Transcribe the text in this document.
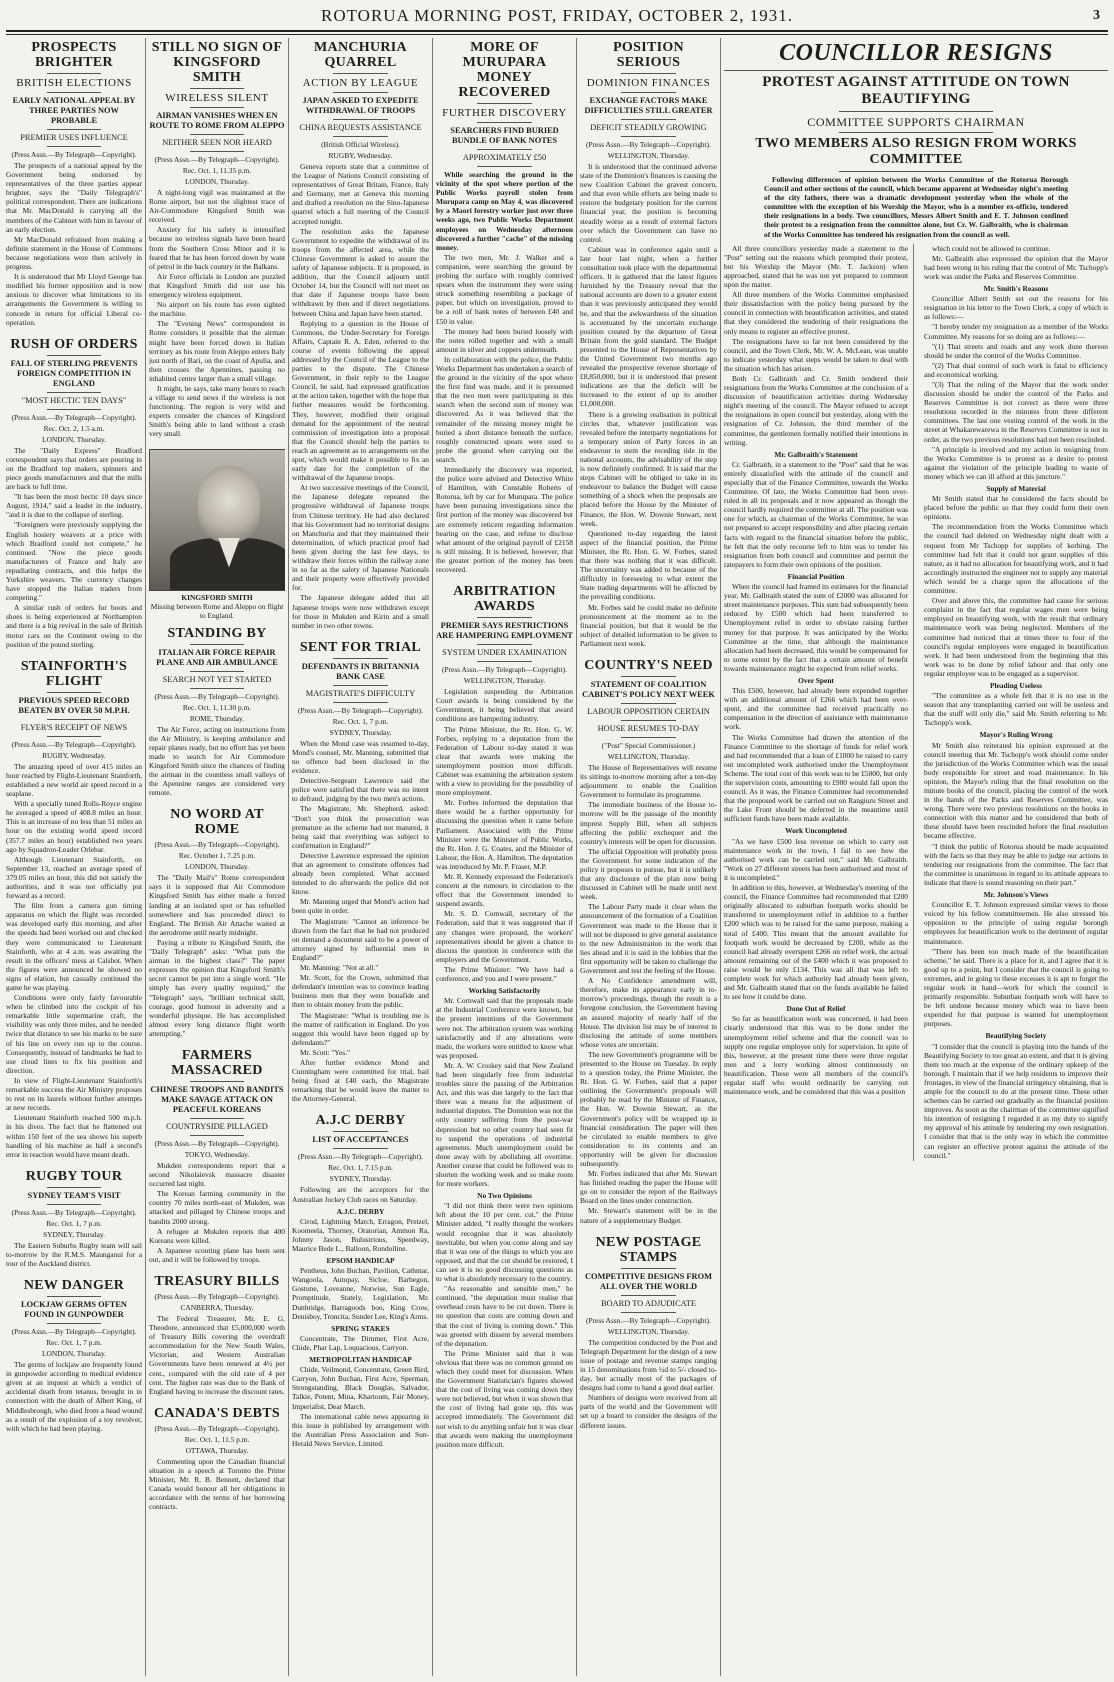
ROTORUA MORNING POST, FRIDAY, OCTOBER 2, 1931.	3
PROSPECTS BRIGHTER
BRITISH ELECTIONS
EARLY NATIONAL APPEAL BY THREE PARTIES NOW PROBABLE
PREMIER USES INFLUENCE
(Press Assn.—By Telegraph—Copyright).

The prospects of a national appeal by the Government being endorsed by representatives of the three parties appear brighter, says the "Daily Telegraph's" political correspondent. There are indications that Mr. MacDonald is carrying all the members of the Cabinet with him in favour of an early election.

Mr MacDonald refrained from making a definite statement in the House of Commons because negotiations were then actively in progress.

It is understood that Mr Lloyd George has modified his former opposition and is now anxious to discover what limitations to its arrangements the Government is willing to concede in return for official Liberal co-operation.

RUSH OF ORDERS
FALL OF STERLING PREVENTS FOREIGN COMPETITION IN ENGLAND
"MOST HECTIC TEN DAYS"
(Press Assn.—By Telegraph—Copyright).
Rec. Oct. 2, 1.5 a.m.
LONDON, Thursday.

The "Daily Express" Bradford correspondent says that orders are pouring in on the Bradford top makers, spinners and piece goods manufacturers and that the mills are back to full time.

"It has been the most hectic 10 days since August, 1914," said a leader in the industry, "and it is due to the collapse of sterling.

"Foreigners were previously supplying the English hosiery weavers at a price with which Bradford could not compete," he continued. "Now the piece goods manufacturers of France and Italy are repudiating contracts, and this helps the Yorkshire weavers. The currency changes have stopped the Italian traders from competing."

A similar rush of orders for boots and shoes is being experienced at Northampton and there is a big revival in the sale of British motor cars on the Continent owing to the position of the pound sterling.

STAINFORTH'S FLIGHT
PREVIOUS SPEED RECORD BEATEN BY OVER 50 M.P.H.
FLYER'S RECEIPT OF NEWS
(Press Assn.—By Telegraph—Copyright).
RUGBY, Wednesday.

The amazing speed of over 415 miles an hour reached by Flight-Lieutenant Stainforth, established a new world air speed record in a seaplane.

With a specially tuned Rolls-Royce engine he averaged a speed of 408.8 miles an hour. This is an increase of no less than 51 miles an hour on the existing world speed record (357.7 miles an hour) established two years ago by Squadron-Leader Orlebar.

Although Lieutenant Stainforth, on September 13, reached an average speed of 379.05 miles an hour, this did not satisfy the authorities, and it was not officially put forward as a record.

The film from a camera gun timing apparatus on which the flight was recorded was developed early this morning, and after the speeds had been worked out and checked they were communicated to Lieutenant Stainforth, who at 4 a.m. was awaiting the result in the officers' mess at Calshot. When the figures were announced he showed no signs of elation, but casually continued the game he was playing.

Conditions were only fairly favourable when he climbed into the cockpit of his remarkable little supermarine craft, the visibility was only three miles, and he needed twice that distance to see his marks to be sure of his line on every run up to the course. Consequently, instead of landmarks he had to use cloud lines to fix his position and direction.

In view of Flight-Lieutenant Stainforth's remarkable success the Air Ministry proposes to rest on its laurels without further attempts at new records.

Lieutenant Stainforth reached 500 m.p.h. in his dives. The fact that he flattened out within 150 feet of the sea shows his superb handling of his machine as half a second's error in reaction would have meant death.

RUGBY TOUR
SYDNEY TEAM'S VISIT
(Press Assn.—By Telegraph—Copyright).
Rec. Oct. 1, 7 p.m.
SYDNEY, Thursday.

The Eastern Suburbs Rugby team will sail to-morrow by the R.M.S. Maunganui for a tour of the Auckland district.

NEW DANGER
LOCKJAW GERMS OFTEN FOUND IN GUNPOWDER
(Press Assn.—By Telegraph—Copyright).
Rec. Oct. 1, 7 p.m.
LONDON, Thursday.

The germs of lockjaw are frequently found in gunpowder according to medical evidence given at an inquest at which a verdict of accidental death from tetanus, brought in in connection with the death of Albert King, of Middlesbrough, who died from a head wound as a result of the explosion of a toy revolver, with which he had been playing.

STILL NO SIGN OF KINGSFORD SMITH
WIRELESS SILENT
AIRMAN VANISHES WHEN EN ROUTE TO ROME FROM ALEPPO
NEITHER SEEN NOR HEARD
(Press Assn.—By Telegraph—Copyright).
Rec. Oct. 1, 11.35 p.m.
LONDON, Thursday.

A night-long vigil was maintained at the Rome airport, but not the slightest trace of Air-Commodore Kingsford Smith was received.

Anxiety for his safety is intensified because no wireless signals have been heard from the Southern Cross Minor and it is feared that he has been forced down by want of petrol in the back country in the Balkans.

Air Force officials in London are puzzled that Kingsford Smith did not use his emergency wireless equipment.

No airport on his route has even sighted the machine.

The "Evening News" correspondent in Rome considers it possible that the airman might have been forced down in Italian territory as his route from Aleppo enters Italy just north of Bari, on the coast of Apulia, and then crosses the Apennines, passing no inhabited centre larger than a small village.

It might, he says, take many hours to reach a village to send news if the wireless is not functioning. The region is very wild and experts consider the chances of Kingsford Smith's being able to land without a crash very small.

KINGSFORD SMITH
Missing between Rome and Aleppo on flight to England.
STANDING BY
ITALIAN AIR FORCE REPAIR PLANE AND AIR AMBULANCE
SEARCH NOT YET STARTED
(Press Assn.—By Telegraph—Copyright).
Rec. Oct. 1, 11.30 p.m.
ROME, Thursday.

The Air Force, acting on instructions from the Air Ministry, is keeping ambulance and repair planes ready, but no effort has yet been made to search for Air Commodore Kingsford Smith since the chances of finding the airman in the countless small valleys of the Apennine ranges are considered very remote.

NO WORD AT ROME
(Press Assn.—By Telegraph—Copyright).
Rec. October 1, 7.25 p.m.
LONDON, Thursday.

The "Daily Mail's" Rome correspondent says it is supposed that Air Commodore Kingsford Smith has either made a forced landing at an isolated spot or has refuelled somewhere and has proceeded direct to England. The British Air Attache waited at the aerodrome until nearly midnight.

Paying a tribute to Kingsford Smith, the "Daily Telegraph" asks: "What puts the airman in the highest class?" The paper expresses the opinion that Kingsford Smith's secret cannot be put into a single word. "He simply has every quality required," the "Telegraph" says, "brilliant technical skill, courage, good humour in adversity and a wonderful physique. He has accomplished almost every long distance flight worth attempting."

FARMERS MASSACRED
CHINESE TROOPS AND BANDITS MAKE SAVAGE ATTACK ON PEACEFUL KOREANS
COUNTRYSIDE PILLAGED
(Press Assn.—By Telegraph—Copyright).
TOKYO, Wednesday.

Mukden correspondents report that a second Nikolaievsk massacre disaster occurred last night.

The Korean farming community in the country 70 miles north-east of Mukden, was attacked and pillaged by Chinese troops and bandits 2000 strong.

A refugee at Mukden reports that 400 Koreans were killed.

A Japanese scouting plane has been sent out, and it will be followed by troops.

TREASURY BILLS
(Press Assn.—By Telegraph—Copyright).
CANBERRA, Thursday.

The Federal Treasurer, Mr. E. G. Theodore, announced that £5,000,000 worth of Treasury Bills covering the overdraft accommodation for the New South Wales, Victorian, and Western Australian Governments have been renewed at 4½ per cent., compared with the old rate of 4 per cent. The higher rate was due to the Bank of England having to increase the discount rates.

CANADA'S DEBTS
(Press Assn.—By Telegraph—Copyright).
Rec. Oct. 1, 11.5 p.m.
OTTAWA, Thursday.

Commenting upon the Canadian financial situation in a speech at Toronto the Prime Minister, Mr. R. B. Bennett, declared that Canada would honour all her obligations in accordance with the terms of her borrowing contracts.

MANCHURIA QUARREL
ACTION BY LEAGUE
JAPAN ASKED TO EXPEDITE WITHDRAWAL OF TROOPS
CHINA REQUESTS ASSISTANCE
(British Official Wireless).
RUGBY, Wednesday.

Geneva reports state that a committee of the League of Nations Council consisting of representatives of Great Britain, France, Italy and Germany, met at Geneva this morning and drafted a resolution on the Sino-Japanese quarrel which a full meeting of the Council accepted tonight.

The resolution asks the Japanese Government to expedite the withdrawal of its troops from the affected area, while the Chinese Government is asked to assure the safety of Japanese subjects. It is proposed, in addition, that the Council adjourn until October 14, but the Council will not meet on that date if Japanese troops have been withdrawn by then and if direct negotiations between China and Japan have been started.

Replying to a question in the House of Commons, the Under-Secretary for Foreign Affairs, Captain R. A. Eden, referred to the course of events following the appeal addressed by the Council of the League to the parties to the dispute. The Chinese Government, in their reply to the League Council, he said, had expressed gratification at the action taken, together with the hope that further measures would be forthcoming. They, however, modified their original demand for the appointment of the neutral commission of investigation into a proposal that the Council should help the parties to reach an agreement as to arrangements on the spot, which would make it possible to fix an early date for the completion of the withdrawal of the Japanese troops.

At two successive meetings of the Council, the Japanese delegate repeated the progressive withdrawal of Japanese troops from Chinese territory. He had also declared that his Government had no territorial designs on Manchuria and that they maintained their determination, of which practical proof had been given during the last few days, to withdraw their forces within the railway zone in so far as the safety of Japanese Nationals and their property were effectively provided for.

The Japanese delegate added that all Japanese troops were now withdrawn except for those in Mukden and Kirin and a small number in two other towns.

SENT FOR TRIAL
DEFENDANTS IN BRITANNIA BANK CASE
MAGISTRATE'S DIFFICULTY
(Press Assn.—By Telegraph—Copyright).
Rec. Oct. 1, 7 p.m.
SYDNEY, Thursday.

When the Mond case was resumed to-day, Mond's counsel, Mr. Manning, submitted that no offence had been disclosed in the evidence.

Detective-Sergeant Lawrence said the police were satisfied that there was no intent to defraud, judging by the two men's actions.

The Magistrate, Mr. Shepherd, asked: "Don't you think the prosecution was premature as the scheme had not matured, it being said that everything was subject to confirmation in England?"

Detective Lawrence expressed the opinion that an agreement to constitute offences had already been completed. What accused intended to do afterwards the police did not know.

Mr. Manning urged that Mond's action had been quite in order.

The Magistrate: "Cannot an inference be drawn from the fact that he had not produced on demand a document said to be a power of attorney signed by influential men in England?"

Mr. Manning: "Not at all."

Mr. Scott, for the Crown, submitted that defendant's intention was to convince leading business men that they were bonafide and then to obtain money from the public.

The Magistrate: "What is troubling me is the matter of ratification in England. Do you suggest this would have been rigged up by defendants?"

Mr. Scott: "Yes."

After further evidence Mond and Cunningham were committed for trial, bail being fixed at £40 each, the Magistrate remarking that he would leave the matter to the Attorney-General.

A.J.C DERBY
LIST OF ACCEPTANCES
(Press Assn.—By Telegraph—Copyright).
Rec. Oct. 1, 7.15 p.m.
SYDNEY, Thursday.

Following are the acceptors for the Australian Jockey Club races on Saturday.

A.J.C. DERBY

Cirod, Lightning March, Erragon, Pretzel, Koomeela, Thorney, Oratorian, Ammon Ra, Johnny Jason, Bulustrious, Speedway, Maurice Bede L., Balloon, Rondolline.

EPSOM HANDICAP

Pentheus, John Buchan, Pavilion, Cathmar, Wangoola, Autopay, Sicloe, Barbegon, Gostune, Loveanne, Notwise, Sun Eagle, Promptitude, Stately, Legislation, Mr. Dunbridge, Barragoods boo, King Crow, Denisboy, Troncita, Sunder Lee, King's Arms.

SPRING STAKES

Concentrate, The Dimmer, First Acre, Chide, Phar Lap, Loquacious, Carryon.

METROPOLITAN HANDICAP

Chide, Veilmond, Concentrate, Green Bird, Carryon, John Buchan, First Acre, Sperman, Strongstanding, Black Douglas, Salvador, Talkie, Potent, Mina, Khartoum, Fair Money, Imperialist, Dear March.

The international cable news appearing in this issue is published by arrangement with the Australian Press Association and Sun-Herald News Service, Limited.

MORE OF MURUPARA MONEY RECOVERED
FURTHER DISCOVERY
SEARCHERS FIND BURIED BUNDLE OF BANK NOTES
APPROXIMATELY £50

While searching the ground in the vicinity of the spot where portion of the Public Works payroll stolen from Murupara camp on May 4, was discovered by a Maori forestry worker just over three weeks ago, two Public Works Department employees on Wednesday afternoon discovered a further "cache" of the missing money.

The two men, Mr. J. Walker and a companion, were searching the ground by probing the surface with roughly contrived spears when the instrument they were using struck something resembling a package of paper, but which on investigation, proved to be a roll of bank notes of between £40 and £50 in value.

The money had been buried loosely with the notes rolled together and with a small amount in silver and coppers underneath.

In collaboration with the police, the Public Works Department has undertaken a search of the ground in the vicinity of the spot where the first find was made, and it is presumed that the two men were participating in this search when the second sum of money was discovered. As it was believed that the remainder of the missing money might be buried a short distance beneath the surface, roughly constructed spears were used to probe the ground when carrying out the search.

Immediately the discovery was reported, the police were advised and Detective White of Hamilton, with Constable Roberts of Rotorua, left by car for Murupara. The police have been pursuing investigations since the first portion of the money was discovered but are extremely reticent regarding information bearing on the case, and refuse to disclose what amount of the original payroll of £2158 is still missing. It is believed, however, that the greater portion of the money has been recovered.

ARBITRATION AWARDS
PREMIER SAYS RESTRICTIONS ARE HAMPERING EMPLOYMENT
SYSTEM UNDER EXAMINATION
(Press Assn.—By Telegraph—Copyright).
WELLINGTON, Thursday.

Legislation suspending the Arbitration Court awards is being considered by the Government, it being believed that award conditions are hampering industry.

The Prime Minister, the Rt. Hon. G. W. Forbes, replying to a deputation from the Federation of Labour to-day stated it was clear that awards were making the unemployment position more difficult. Cabinet was examining the arbitration system with a view to providing for the possibility of more employment.

Mr. Forbes informed the deputation that there would be a further opportunity for discussing the question when it came before Parliament. Associated with the Prime Minister were the Minister of Public Works, the Rt. Hon. J. G. Coates, and the Minister of Labour, the Hon. A. Hamilton. The deputation was introduced by Mr. P. Fraser, M.P.

Mr. R. Kennedy expressed the Federation's concern at the rumours in circulation to the effect that the Government intended to suspend awards.

Mr. S. D. Cornwall, secretary of the Federation, said that it was suggested that if any changes were proposed, the workers' representatives should be given a chance to discuss the question in conference with the employers and the Government.

The Prime Minister: "We have had a conference, and you and I were present."

Working Satisfactorily

Mr. Cornwall said that the proposals made at the Industrial Conference were known, but the present intentions of the Government were not. The arbitration system was working satisfactorily and if any alterations were made, the workers were entitled to know what was proposed.

Mr. A. W. Croskey said that New Zealand had been singularly free from industrial troubles since the passing of the Arbitration Act, and this was due largely to the fact that there was a means for the adjustment of industrial disputes. The Dominion was not the only country suffering from the post-war depression but no other country had seen fit to suspend the operations of industrial agreements. Much unemployment could be done away with by abolishing all overtime. Another course that could be followed was to shorten the working week and so make room for more workers.

No Two Opinions

"I did not think there were two opinions left about the 10 per cent. cut," the Prime Minister added, "I really thought the workers would recognise that it was absolutely inevitable, but when you come along and say that it was one of the things to which you are opposed, and that the cut should be restored, I can see it is no good discussing questions as to what is absolutely necessary to the country.

"As reasonable and sensible men," he continued, "the deputation must realise that overhead costs have to be cut down. There is no question that costs are coming down and that the cost of living is coming down." This was greeted with dissent by several members of the deputation.

The Prime Minister said that it was obvious that there was no common ground on which they could meet for discussion. When the Government Statistician's figures showed that the cost of living was coming down they were not believed, but when it was shown that the cost of living had gone up, this was accepted immediately. The Government did not wish to do anything unfair but it was clear that awards were making the unemployment position more difficult.

POSITION SERIOUS
DOMINION FINANCES
EXCHANGE FACTORS MAKE DIFFICULTIES STILL GREATER
DEFICIT STEADILY GROWING
(Press Assn.—By Telegraph—Copyright).
WELLINGTON, Thursday.

It is understood that the continued adverse state of the Dominion's finances is causing the new Coalition Cabinet the gravest concern, and that even while efforts are being made to restore the budgetary position for the current financial year, the position is becoming steadily worse as a result of external factors over which the Government can have no control.

Cabinet was in conference again until a late hour last night, when a further consultation took place with the departmental officers. It is gathered that the latest figures furnished by the Treasury reveal that the national accounts are down to a greater extent than it was previously anticipated they would be, and that the awkwardness of the situation is accentuated by the uncertain exchange position created by the departure of Great Britain from the gold standard. The Budget presented to the House of Representatives by the United Government two months ago revealed the prospective revenue shortage of £8,850,000, but it is understood that present indications are that the deficit will be increased to the extent of up to another £1,000,000.

There is a growing realisation in political circles that, whatever justification was revealed before the interparty negotiations for a temporary union of Party forces in an endeavour to stem the receding tide in the national accounts, the advisability of the step is now definitely confirmed. It is said that the steps Cabinet will be obliged to take in its endeavour to balance the Budget will cause something of a shock when the proposals are placed before the House by the Minister of Finance, the Hon. W. Downie Stewart, next week.

Questioned to-day regarding the latest aspect of the financial position, the Prime Minister, the Rt. Hon. G. W. Forbes, stated that there was nothing that it was difficult. The uncertainty was added to because of the difficulty in foreseeing to what extent the State trading departments will be affected by the prevailing conditions.

Mr. Forbes said he could make no definite pronouncement at the moment as to the financial position, but that it would be the subject of detailed information to be given to Parliament next week.

COUNTRY'S NEED
STATEMENT OF COALITION CABINET'S POLICY NEXT WEEK
LABOUR OPPOSITION CERTAIN
HOUSE RESUMES TO-DAY
("Post" Special Commissioner.)
WELLINGTON, Thursday.

The House of Representatives will resume its sittings to-morrow morning after a ten-day adjournment to enable the Coalition Government to formulate its programme.

The immediate business of the House to-morrow will be the passage of the monthly imprest Supply Bill, when all subjects affecting the public exchequer and the country's interests will be open for discussion.

The official Opposition will probably press the Government for some indication of the policy it proposes to pursue, but it is unlikely that any disclosure of the plan now being discussed in Cabinet will be made until next week.

The Labour Party made it clear when the announcement of the formation of a Coalition Government was made to the House that it will not be disposed to give general assistance to the new Administration in the work that lies ahead and it is said in the lobbies that the first opportunity will be taken to challenge the Government and test the feeling of the House.

A No Confidence amendment will, therefore, make its appearance early in to-morrow's proceedings, though the result is a foregone conclusion, the Government having an assured majority of nearly half of the House. The division list may be of interest in disclosing the attitude of some members whose votes are uncertain.

The new Government's programme will be presented to the House on Tuesday. In reply to a question today, the Prime Minister, the Rt. Hon. G. W. Forbes, said that a paper outlining the Government's proposals will probably be read by the Minister of Finance, the Hon. W. Downie Stewart, as the Government's policy will be wrapped up in financial consideration. The paper will then be circulated to enable members to give consideration to its contents and an opportunity will be given for discussion subsequently.

Mr. Forbes indicated that after Mr. Stewart has finished reading the paper the House will go on to consider the report of the Railways Board on the lines under construction.

Mr. Stewart's statement will be in the nature of a supplementary Budget.

NEW POSTAGE STAMPS
COMPETITIVE DESIGNS FROM ALL OVER THE WORLD
BOARD TO ADJUDICATE
(Press Assn.—By Telegraph—Copyright).
WELLINGTON, Thursday.

The competition conducted by the Post and Telegraph Department for the design of a new issue of postage and revenue stamps ranging in 15 denominations from ½d to 5/- closed to-day, but actually most of the packages of designs had come to hand a good deal earlier.

Numbers of designs were received from all parts of the world and the Government will set up a board to consider the designs of the different issues.

COUNCILLOR RESIGNS
PROTEST AGAINST ATTITUDE ON TOWN BEAUTIFYING
COMMITTEE SUPPORTS CHAIRMAN
TWO MEMBERS ALSO RESIGN FROM WORKS COMMITTEE

Following differences of opinion between the Works Committee of the Rotorua Borough Council and other sections of the council, which became apparent at Wednesday night's meeting of the city fathers, there was a dramatic development yesterday when the whole of the committee with the exception of his Worship the Mayor, who is a member ex-officio, tendered their resignations in a body. Two councillors, Messrs Albert Smith and E. T. Johnson confined their protest to a resignation from the committee alone, but Cr. W. Galbraith, who is chairman of the Works Committee has tendered his resignation from the council as well.

All three councillors yesterday made a statement to the "Post" setting out the reasons which prompted their protest, but his Worship the Mayor (Mr. T. Jackson) when approached, stated that he was not yet prepared to comment upon the matter.

All three members of the Works Committee emphasised their dissatisfaction with the policy being pursued by the council in connection with beautification activities, and stated that they considered the tendering of their resignations the only means to register an effective protest.

The resignations have so far not been considered by the council, and the Town Clerk, Mr. W. A. McLean, was unable to indicate yesterday what steps would be taken to deal with the situation which has arisen.

Both Cr. Galbraith and Cr. Smith tendered their resignations from the Works Committee at the conclusion of a discussion of beautification activities during Wednesday night's meeting of the council. The Mayor refused to accept the resignations in open council but yesterday, along with the resignation of Cr. Johnson, the third member of the committee, the gentlemen formally notified their intentions in writing.

Mr. Galbraith's Statement

Cr. Galbraith, in a statement to the "Post" said that he was entirely dissatisfied with the attitude of the council and especially that of the Finance Committee, towards the Works Committee. Of late, the Works Committee had been over-ruled in all its proposals and it now appeared as though the council hardly required the committee at all. The position was one for which, as chairman of the Works Committee, he was not prepared to accept responsibility and after placing certain facts with regard to the financial situation before the public, he felt that the only recourse left to him was to tender his resignation from both council and committee and permit the ratepayers to form their own opinions of the position.

Financial Position

When the council had framed its estimates for the financial year, Mr. Galbraith stated the sum of £2000 was allocated for street maintenance purposes. This sum had subsequently been reduced by £500 which had been transferred to Unemployment relief in order to obviate raising further money for that purpose. It was anticipated by the Works Committee at the time, that although the maintenance allocation had been decreased, this would be compensated for to some extent by the fact that a certain amount of benefit towards maintenance might be expected from relief works.

Over Spent

This £500, however, had already been expended together with an additional amount of £266 which had been over-spent, and the committee had received practically no compensation in the direction of assistance with maintenance work.

The Works Committee had drawn the attention of the Finance Committee to the shortage of funds for relief work and had recommended that a loan of £1000 be raised to carry out uncompleted work authorised under the Unemployment Scheme. The total cost of this work was to be £5000, but only the supervision costs, amounting to £900 would fall upon the council. As it was, the Finance Committee had recommended that the proposed work be carried out on Rangiuru Street and the Lake Front should be deferred in the meantime until sufficient funds have been made available.

Work Uncompleted

"As we have £500 less revenue on which to carry out maintenance work in the town, I fail to see how the authorised work can be carried out," said Mr. Galbraith. "Work on 27 different streets has been authorised and most of it is uncompleted."

In addition to this, however, at Wednesday's meeting of the council, the Finance Committee had recommended that £200 originally allocated to suburban footpath works should be transferred to unemployment relief in addition to a further £200 which was to be raised for the same purpose, making a total of £400. This meant that the amount available for footpath work would be decreased by £200, while as the council had already overspent £266 on relief work, the actual amount remaining out of the £400 which it was proposed to raise would be only £134. This was all that was left to complete work for which authority had already been given, and Mr. Galbraith stated that on the funds available he failed to see how it could be done.

Done Out of Relief

So far as beautification work was concerned, it had been clearly understood that this was to be done under the unemployment relief scheme and that the council was to supply one regular employee only for supervision. In spite of this, however, at the present time there were three regular men and a lorry working almost continuously on beautification. These were all members of the council's regular staff who would ordinarily be carrying out maintenance work, and he considered that this was a position

which could not be allowed to continue.

Mr. Galbraith also expressed the opinion that the Mayor had been wrong in his ruling that the control of Mr. Tschopp's work was under the Parks and Reserves Committee.

Mr. Smith's Reasons

Councillor Albert Smith set out the reasons for his resignation in his letter to the Town Clerk, a copy of which is as follows:—

"I hereby tender my resignation as a member of the Works Committee. My reasons for so doing are as follows:—

"(1) That streets and roads and any work done thereon should be under the control of the Works Committee.

"(2) That dual control of such work is fatal to efficiency and economical working.

"(3) That the ruling of the Mayor that the work under discussion should be under the control of the Parks and Reserves Committee is not correct as there were three resolutions recorded in the minutes from three different committees. The last one vesting control of the work in the street at Whakarewarewa in the Reserves Committee is not in order, as the two previous resolutions had not been rescinded.

"A principle is involved and my action in resigning from the Works Committee is to protest as a desire to protest against the violation of the principle leading to waste of money which we can ill afford at this juncture."

Supply of Material

Mr Smith stated that he considered the facts should be placed before the public so that they could form their own opinions.

The recommendation from the Works Committee which the council had deleted on Wednesday night dealt with a request from Mr Tschopp for supplies of kerbing. The committee had felt that it could not grant supplies of this nature, as it had no allocation for beautifying work, and it had accordingly instructed the engineer not to supply any material which would be a charge upon the allocations of the committee.

Over and above this, the committee had cause for serious complaint in the fact that regular wages men were being employed on beautifying work, with the result that ordinary maintenance work was being neglected. Members of the committee had noticed that at times three to four of the council's regular employees were engaged in beautification work. It had been understood from the beginning that this work was to be done by relief labour and that only one regular employee was to be engaged as a supervisor.

Pleading Useless

"The committee as a whole felt that it is no use in the season that any transplanting carried out will be useless and that the stuff will only die," said Mr. Smith referring to Mr. Tschopp's work.

Mayor's Ruling Wrong

Mr Smith also reiterated his opinion expressed at the council meeting that Mr. Tschopp's work should come under the jurisdiction of the Works Committee which was the usual body responsible for street and road maintenance. In his opinion, the Mayor's ruling that the final resolution on the minute books of the council, placing the control of the work in the hands of the Parks and Reserves Committee, was wrong. There were two previous resolutions on the books in connection with this matter and he considered that both of these should have been rescinded before the final resolution became effective.

"I think the public of Rotorua should be made acquainted with the facts so that they may be able to judge our actions in tendering our resignations from the committee. The fact that the committee is unanimous in regard to its attitude appears to indicate that there is sound reasoning on their part."

Mr. Johnson's Views

Councillor E. T. Johnson expressed similar views to those voiced by his fellow committeemen. He also stressed his opposition to the principle of using regular borough employees for beautification work to the detriment of regular maintenance.

"There has been too much made of the beautification scheme," he said. There is a place for it, and I agree that it is good up to a point, but I consider that the council is going to extremes, and in going to these excesses it is apt to forget the regular work in hand—work for which the council is primarily responsible. Suburban footpath work will have to be left undone because money which was to have been expended for that purpose is wanted for unemployment purposes.

Beautifying Society

"I consider that the council is playing into the hands of the Beautifying Society to too great an extent, and that it is giving them too much at the expense of the ordinary upkeep of the borough. I maintain that if we help residents to improve their frontages, in view of the financial stringency obtaining, that is ample for the council to do at the present time. These other schemes can be carried out gradually as the financial position improves. As soon as the chairman of the committee signified his intention of resigning I regarded it as my duty to signify my approval of his attitude by tendering my own resignation. I consider that that is the only way in which the committee can register an effective protest against the attitude of the council."
